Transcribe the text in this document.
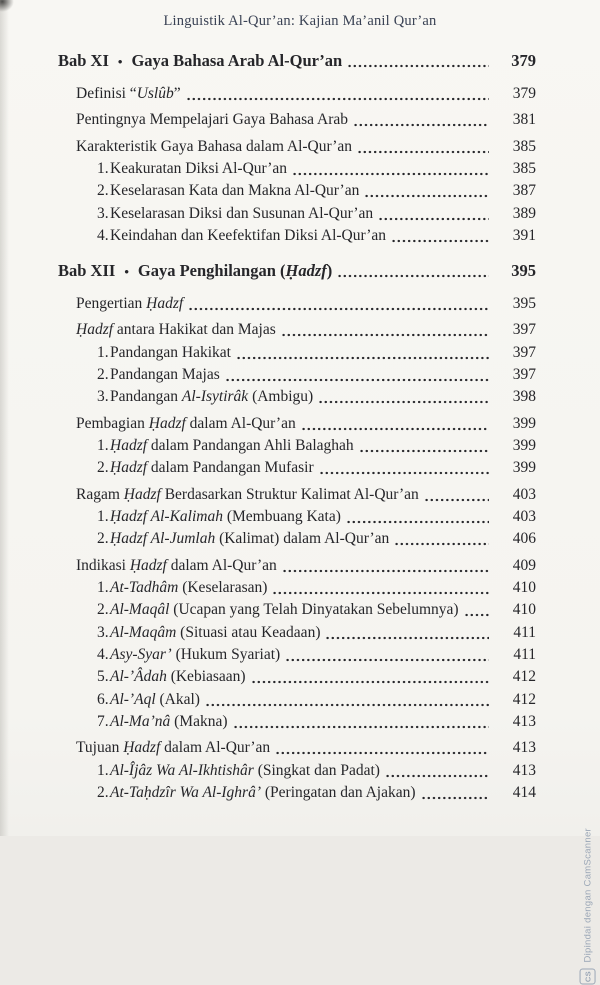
Linguistik Al-Qur’an: Kajian Ma’anil Qur’an
Bab XI • Gaya Bahasa Arab Al-Qur’an	379
Definisi “Uslûb”	379
Pentingnya Mempelajari Gaya Bahasa Arab	381
Karakteristik Gaya Bahasa dalam Al-Qur’an	385
1. Keakuratan Diksi Al-Qur’an	385
2. Keselarasan Kata dan Makna Al-Qur’an	387
3. Keselarasan Diksi dan Susunan Al-Qur’an	389
4. Keindahan dan Keefektifan Diksi Al-Qur’an	391
Bab XII • Gaya Penghilangan (Ḥadzf)	395
Pengertian Ḥadzf	395
Ḥadzf antara Hakikat dan Majas	397
1. Pandangan Hakikat	397
2. Pandangan Majas	397
3. Pandangan Al-Isytirâk (Ambigu)	398
Pembagian Ḥadzf dalam Al-Qur’an	399
1. Ḥadzf dalam Pandangan Ahli Balaghah	399
2. Ḥadzf dalam Pandangan Mufasir	399
Ragam Ḥadzf Berdasarkan Struktur Kalimat Al-Qur’an	403
1. Ḥadzf Al-Kalimah (Membuang Kata)	403
2. Ḥadzf Al-Jumlah (Kalimat) dalam Al-Qur’an	406
Indikasi Ḥadzf dalam Al-Qur’an	409
1. At-Tadhâm (Keselarasan)	410
2. Al-Maqâl (Ucapan yang Telah Dinyatakan Sebelumnya)	410
3. Al-Maqâm (Situasi atau Keadaan)	411
4. Asy-Syar’ (Hukum Syariat)	411
5. Al-’Âdah (Kebiasaan)	412
6. Al-’Aql (Akal)	412
7. Al-Ma’nâ (Makna)	413
Tujuan Ḥadzf dalam Al-Qur’an	413
1. Al-Îjâz Wa Al-Ikhtishâr (Singkat dan Padat)	413
2. At-Taḥdzîr Wa Al-Ighrâ’ (Peringatan dan Ajakan)	414
CS
Dipindai dengan CamScanner
